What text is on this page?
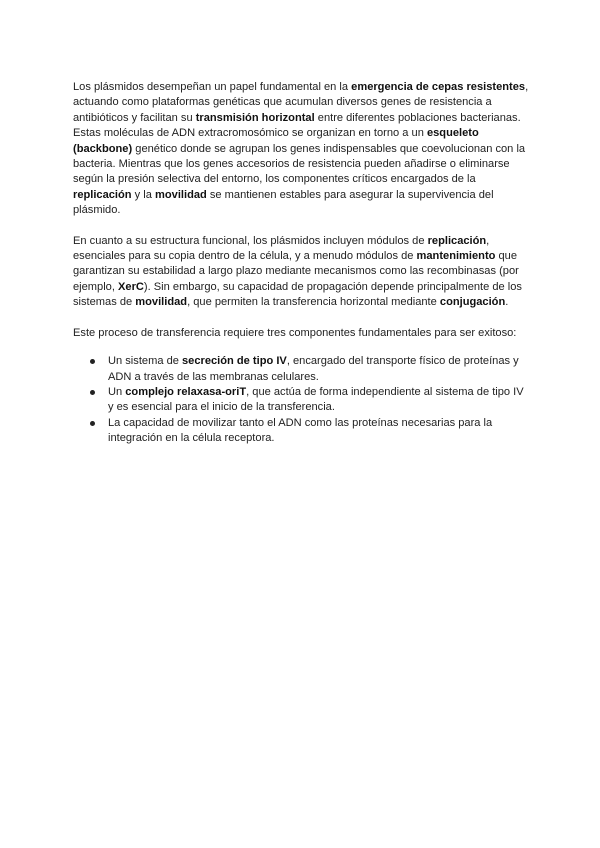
Los plásmidos desempeñan un papel fundamental en la emergencia de cepas resistentes, actuando como plataformas genéticas que acumulan diversos genes de resistencia a antibióticos y facilitan su transmisión horizontal entre diferentes poblaciones bacterianas. Estas moléculas de ADN extracromosómico se organizan en torno a un esqueleto (backbone) genético donde se agrupan los genes indispensables que coevolucionan con la bacteria. Mientras que los genes accesorios de resistencia pueden añadirse o eliminarse según la presión selectiva del entorno, los componentes críticos encargados de la replicación y la movilidad se mantienen estables para asegurar la supervivencia del plásmido.

En cuanto a su estructura funcional, los plásmidos incluyen módulos de replicación, esenciales para su copia dentro de la célula, y a menudo módulos de mantenimiento que garantizan su estabilidad a largo plazo mediante mecanismos como las recombinasas (por ejemplo, XerC). Sin embargo, su capacidad de propagación depende principalmente de los sistemas de movilidad, que permiten la transferencia horizontal mediante conjugación.

Este proceso de transferencia requiere tres componentes fundamentales para ser exitoso:

Un sistema de secreción de tipo IV, encargado del transporte físico de proteínas y ADN a través de las membranas celulares.
Un complejo relaxasa-oriT, que actúa de forma independiente al sistema de tipo IV y es esencial para el inicio de la transferencia.
La capacidad de movilizar tanto el ADN como las proteínas necesarias para la integración en la célula receptora.
